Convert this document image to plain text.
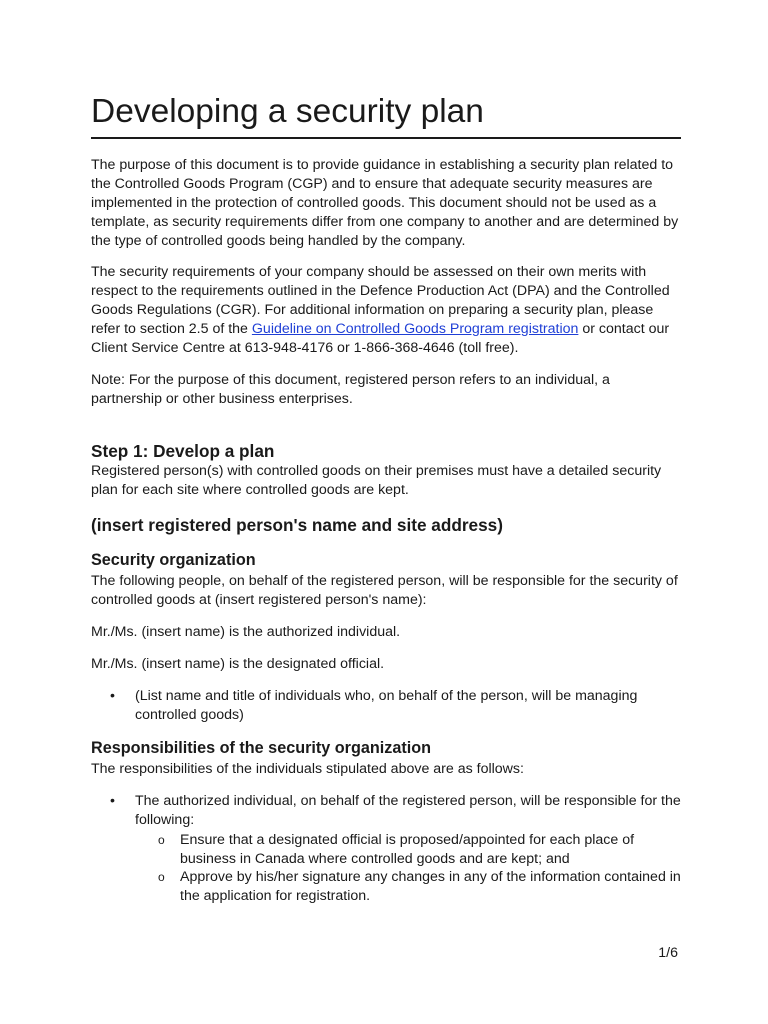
Developing a security plan

The purpose of this document is to provide guidance in establishing a security plan related to the Controlled Goods Program (CGP) and to ensure that adequate security measures are implemented in the protection of controlled goods. This document should not be used as a template, as security requirements differ from one company to another and are determined by the type of controlled goods being handled by the company.

The security requirements of your company should be assessed on their own merits with respect to the requirements outlined in the Defence Production Act (DPA) and the Controlled Goods Regulations (CGR). For additional information on preparing a security plan, please refer to section 2.5 of the Guideline on Controlled Goods Program registration or contact our Client Service Centre at 613-948-4176 or 1-866-368-4646 (toll free).

Note: For the purpose of this document, registered person refers to an individual, a partnership or other business enterprises.

Step 1: Develop a plan

Registered person(s) with controlled goods on their premises must have a detailed security plan for each site where controlled goods are kept.

(insert registered person's name and site address)
Security organization

The following people, on behalf of the registered person, will be responsible for the security of controlled goods at (insert registered person's name):

Mr./Ms. (insert name) is the authorized individual.

Mr./Ms. (insert name) is the designated official.

• (List name and title of individuals who, on behalf of the person, will be managing controlled goods)

Responsibilities of the security organization

The responsibilities of the individuals stipulated above are as follows:

• The authorized individual, on behalf of the registered person, will be responsible for the following:

o Ensure that a designated official is proposed/appointed for each place of business in Canada where controlled goods and are kept; and

o Approve by his/her signature any changes in any of the information contained in the application for registration.

1/6
